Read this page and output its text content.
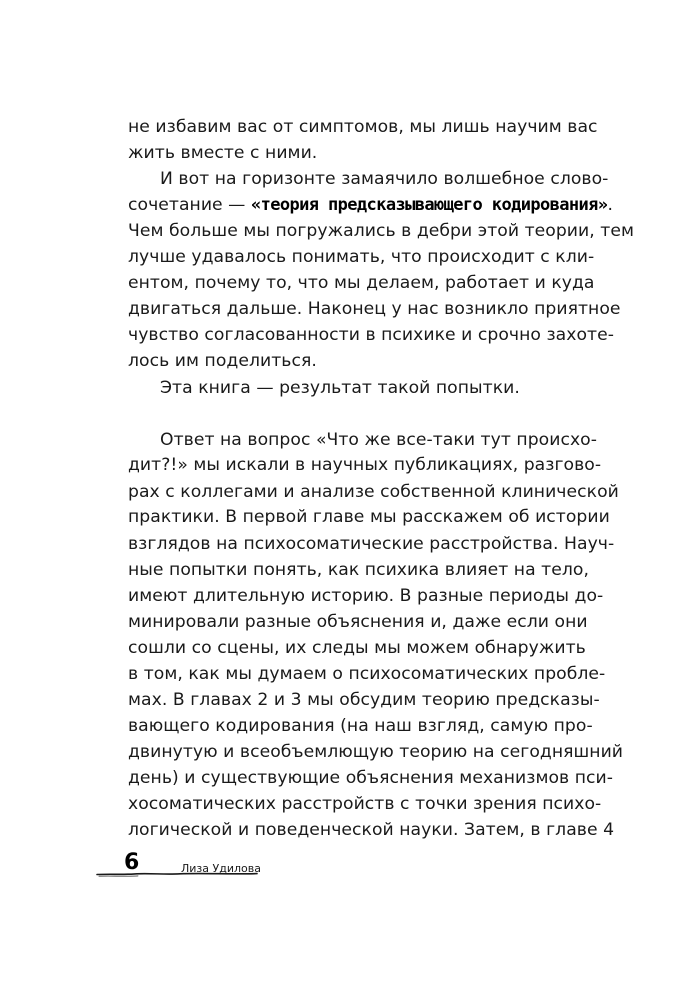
не избавим вас от симптомов, мы лишь научим вас
жить вместе с ними.
И вот на горизонте замаячило волшебное слово-
сочетание — «теория предсказывающего кодирования».
Чем больше мы погружались в дебри этой теории, тем
лучше удавалось понимать, что происходит с кли-
ентом, почему то, что мы делаем, работает и куда
двигаться дальше. Наконец у нас возникло приятное
чувство согласованности в психике и срочно захоте-
лось им поделиться.
Эта книга — результат такой попытки.
Ответ на вопрос «Что же все-таки тут происхо-
дит?!» мы искали в научных публикациях, разгово-
рах с коллегами и анализе собственной клинической
практики. В первой главе мы расскажем об истории
взглядов на психосоматические расстройства. Науч-
ные попытки понять, как психика влияет на тело,
имеют длительную историю. В разные периоды до-
минировали разные объяснения и, даже если они
сошли со сцены, их следы мы можем обнаружить
в том, как мы думаем о психосоматических пробле-
мах. В главах 2 и 3 мы обсудим теорию предсказы-
вающего кодирования (на наш взгляд, самую про-
двинутую и всеобъемлющую теорию на сегодняшний
день) и существующие объяснения механизмов пси-
хосоматических расстройств с точки зрения психо-
логической и поведенческой науки. Затем, в главе 4
6	Лиза Удилова
